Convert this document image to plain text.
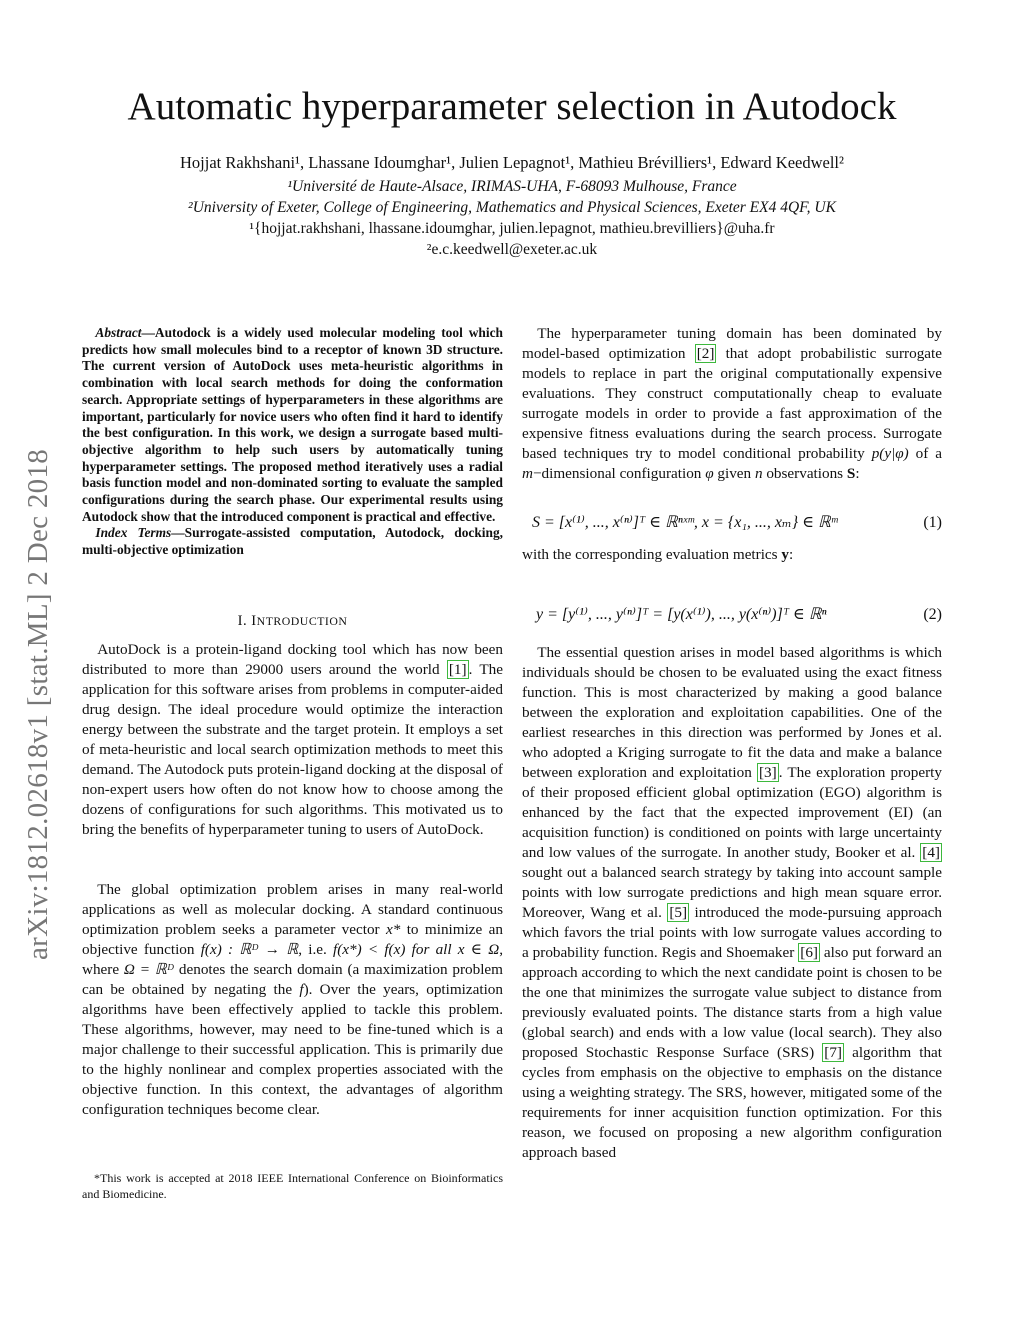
Automatic hyperparameter selection in Autodock
Hojjat Rakhshani¹, Lhassane Idoumghar¹, Julien Lepagnot¹, Mathieu Brévilliers¹, Edward Keedwell²
¹Université de Haute-Alsace, IRIMAS-UHA, F-68093 Mulhouse, France
²University of Exeter, College of Engineering, Mathematics and Physical Sciences, Exeter EX4 4QF, UK
¹{hojjat.rakhshani, lhassane.idoumghar, julien.lepagnot, mathieu.brevilliers}@uha.fr
²e.c.keedwell@exeter.ac.uk
arXiv:1812.02618v1 [stat.ML] 2 Dec 2018

Abstract—Autodock is a widely used molecular modeling tool which predicts how small molecules bind to a receptor of known 3D structure. The current version of AutoDock uses meta-heuristic algorithms in combination with local search methods for doing the conformation search. Appropriate settings of hyperparameters in these algorithms are important, particularly for novice users who often find it hard to identify the best configuration. In this work, we design a surrogate based multi-objective algorithm to help such users by automatically tuning hyperparameter settings. The proposed method iteratively uses a radial basis function model and non-dominated sorting to evaluate the sampled configurations during the search phase. Our experimental results using Autodock show that the introduced component is practical and effective.

Index Terms—Surrogate-assisted computation, Autodock, docking, multi-objective optimization

I. INTRODUCTION

AutoDock is a protein-ligand docking tool which has now been distributed to more than 29000 users around the world [1] . The application for this software arises from problems in computer-aided drug design. The ideal procedure would optimize the interaction energy between the substrate and the target protein. It employs a set of meta-heuristic and local search optimization methods to meet this demand. The Autodock puts protein-ligand docking at the disposal of non-expert users how often do not know how to choose among the dozens of configurations for such algorithms. This motivated us to bring the benefits of hyperparameter tuning to users of AutoDock.

The global optimization problem arises in many real-world applications as well as molecular docking. A standard continuous optimization problem seeks a parameter vector x* to minimize an objective function f(x) : ℝᴰ → ℝ, i.e. f(x*) < f(x) for all x ∈ Ω, where Ω = ℝᴰ denotes the search domain (a maximization problem can be obtained by negating the f). Over the years, optimization algorithms have been effectively applied to tackle this problem. These algorithms, however, may need to be fine-tuned which is a major challenge to their successful application. This is primarily due to the highly nonlinear and complex properties associated with the objective function. In this context, the advantages of algorithm configuration techniques become clear.

*This work is accepted at 2018 IEEE International Conference on Bioinformatics and Biomedicine.

The hyperparameter tuning domain has been dominated by model-based optimization [2] that adopt probabilistic surrogate models to replace in part the original computationally expensive evaluations. They construct computationally cheap to evaluate surrogate models in order to provide a fast approximation of the expensive fitness evaluations during the search process. Surrogate based techniques try to model conditional probability p(y|φ) of a m−dimensional configuration φ given n observations S:

S = [x⁽¹⁾, ..., x⁽ⁿ⁾]ᵀ ∈ ℝⁿˣᵐ, x = {x₁, ..., xₘ} ∈ ℝᵐ	(1)
with the corresponding evaluation metrics y:
y = [y⁽¹⁾, ..., y⁽ⁿ⁾]ᵀ = [y(x⁽¹⁾), ..., y(x⁽ⁿ⁾)]ᵀ ∈ ℝⁿ	(2)

The essential question arises in model based algorithms is which individuals should be chosen to be evaluated using the exact fitness function. This is most characterized by making a good balance between the exploration and exploitation capabilities. One of the earliest researches in this direction was performed by Jones et al. who adopted a Kriging surrogate to fit the data and make a balance between exploration and exploitation [3] . The exploration property of their proposed efficient global optimization (EGO) algorithm is enhanced by the fact that the expected improvement (EI) (an acquisition function) is conditioned on points with large uncertainty and low values of the surrogate. In another study, Booker et al. [4] sought out a balanced search strategy by taking into account sample points with low surrogate predictions and high mean square error. Moreover, Wang et al. [5] introduced the mode-pursuing approach which favors the trial points with low surrogate values according to a probability function. Regis and Shoemaker [6] also put forward an approach according to which the next candidate point is chosen to be the one that minimizes the surrogate value subject to distance from previously evaluated points. The distance starts from a high value (global search) and ends with a low value (local search). They also proposed Stochastic Response Surface (SRS) [7] algorithm that cycles from emphasis on the objective to emphasis on the distance using a weighting strategy. The SRS, however, mitigated some of the requirements for inner acquisition function optimization. For this reason, we focused on proposing a new algorithm configuration approach based
